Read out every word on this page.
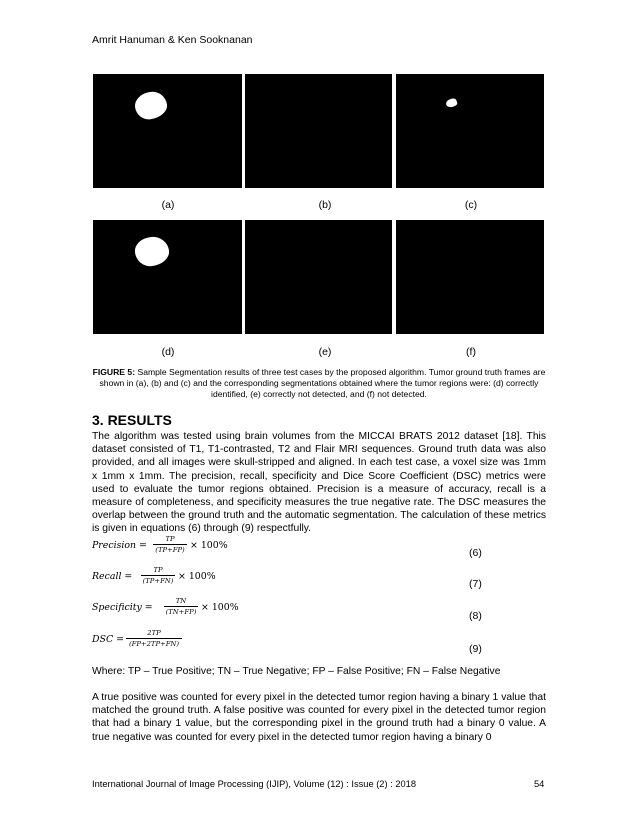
Amrit Hanuman & Ken Sooknanan
(a)	(b)	(c)
(d)	(e)	(f)
FIGURE 5: Sample Segmentation results of three test cases by the proposed algorithm. Tumor ground truth frames are shown in (a), (b) and (c) and the corresponding segmentations obtained where the tumor regions were: (d) correctly identified, (e) correctly not detected, and (f) not detected.
3. RESULTS
The algorithm was tested using brain volumes from the MICCAI BRATS 2012 dataset [18]. This dataset consisted of T1, T1-contrasted, T2 and Flair MRI sequences. Ground truth data was also provided, and all images were skull-stripped and aligned. In each test case, a voxel size was 1mm x 1mm x 1mm. The precision, recall, specificity and Dice Score Coefficient (DSC) metrics were used to evaluate the tumor regions obtained. Precision is a measure of accuracy, recall is a measure of completeness, and specificity measures the true negative rate. The DSC measures the overlap between the ground truth and the automatic segmentation. The calculation of these metrics is given in equations (6) through (9) respectfully.
Precision = $\frac{TP}{(TP+FP)} \times 100\%$
(6)
Recall = $\frac{TP}{(TP+FN)} \times 100\%$
(7)
Specificity = $\frac{TN}{(TN+FP)} \times 100\%$
(8)
DSC = $\frac{2TP}{(FP+2TP+FN)}$
(9)
Where: TP – True Positive; TN – True Negative; FP – False Positive; FN – False Negative
A true positive was counted for every pixel in the detected tumor region having a binary 1 value that matched the ground truth. A false positive was counted for every pixel in the detected tumor region that had a binary 1 value, but the corresponding pixel in the ground truth had a binary 0 value. A true negative was counted for every pixel in the detected tumor region having a binary 0
International Journal of Image Processing (IJIP), Volume (12) : Issue (2) : 2018	54
